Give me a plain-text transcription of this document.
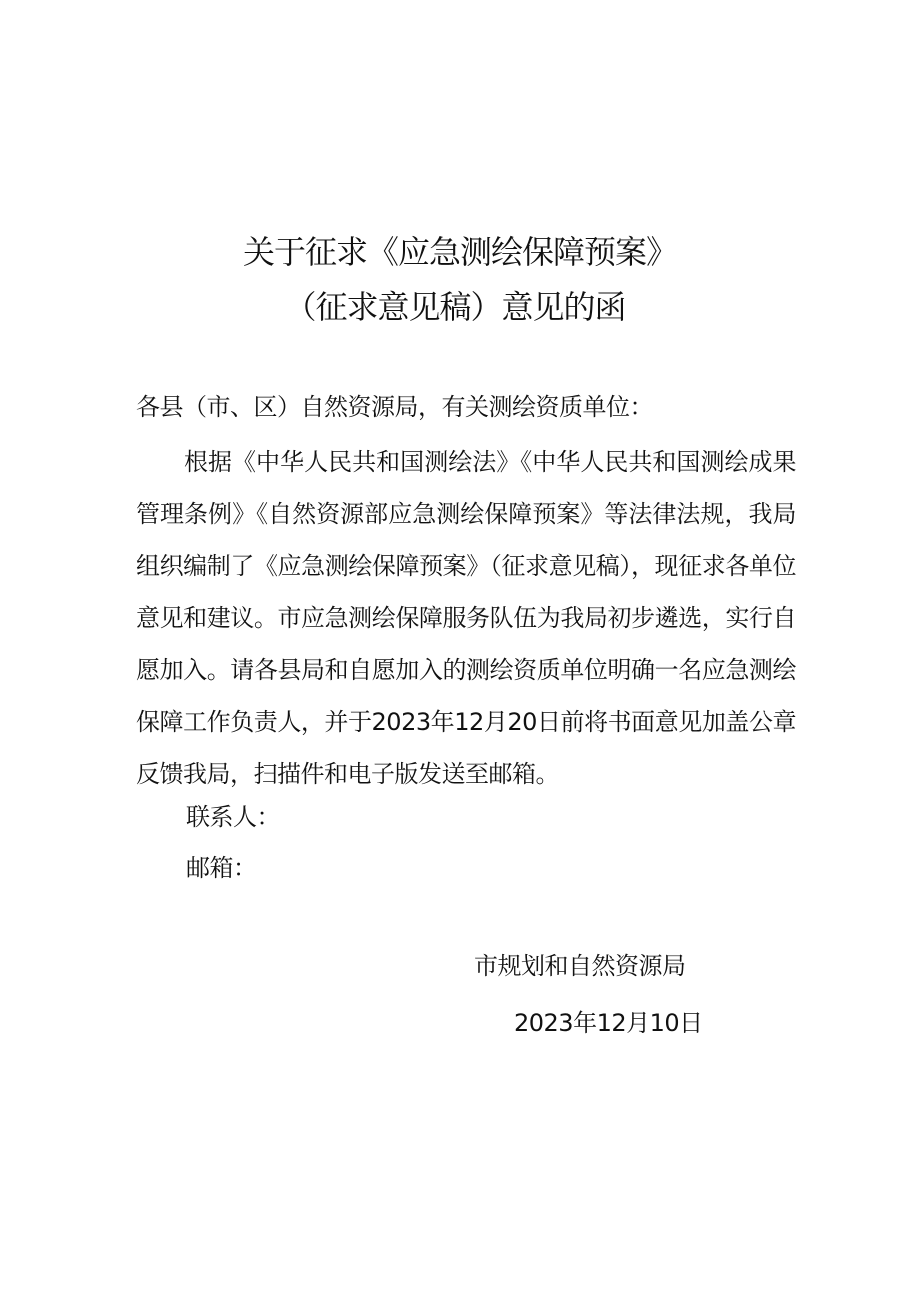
关于征求《应急测绘保障预案》
（征求意见稿）意见的函
各县（市、区）自然资源局，有关测绘资质单位：
根据《中华人民共和国测绘法》《中华人民共和国测绘成果管理条例》《自然资源部应急测绘保障预案》等法律法规，我局组织编制了《应急测绘保障预案》（征求意见稿），现征求各单位意见和建议。市应急测绘保障服务队伍为我局初步遴选，实行自愿加入。请各县局和自愿加入的测绘资质单位明确一名应急测绘保障工作负责人，并于2023年12月20日前将书面意见加盖公章反馈我局，扫描件和电子版发送至邮箱。
联系人：
邮箱：
市规划和自然资源局
2023年12月10日
